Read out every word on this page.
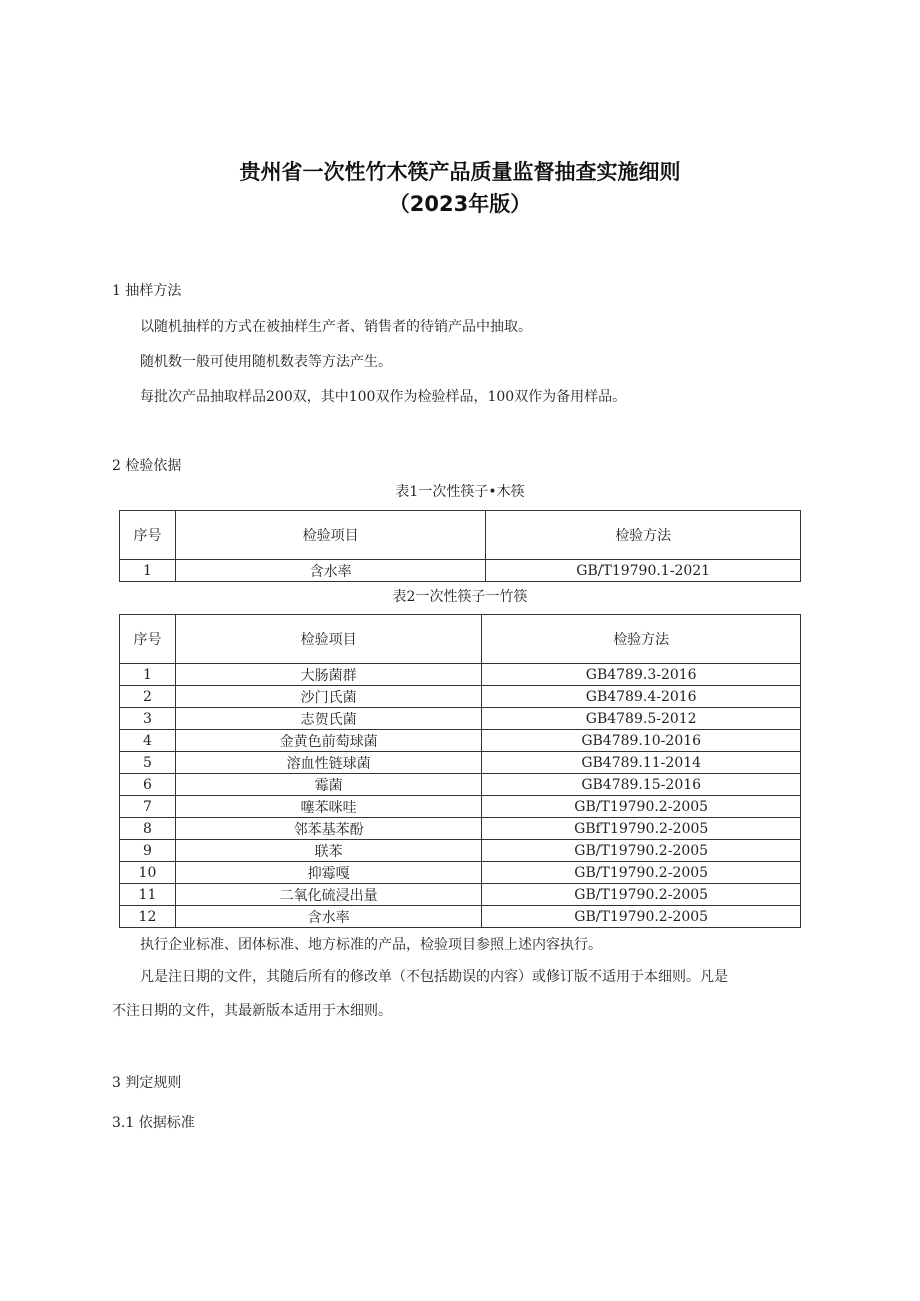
贵州省一次性竹木筷产品质量监督抽查实施细则
（2023年版）
1 抽样方法
以随机抽样的方式在被抽样生产者、销售者的待销产品中抽取。
随机数一般可使用随机数表等方法产生。
每批次产品抽取样品200双，其中100双作为检验样品，100双作为备用样品。
2 检验依据
表1一次性筷子•木筷
序号	检验项目	检验方法
1	含水率	GB/T19790.1-2021
表2一次性筷子一竹筷
序号	检验项目	检验方法
1	大肠菌群	GB4789.3-2016
2	沙门氏菌	GB4789.4-2016
3	志贺氏菌	GB4789.5-2012
4	金黄色前萄球菌	GB4789.10-2016
5	溶血性链球菌	GB4789.11-2014
6	霉菌	GB4789.15-2016
7	噻苯咪哇	GB/T19790.2-2005
8	邻苯基苯酚	GBfT19790.2-2005
9	联苯	GB/T19790.2-2005
10	抑霉嘎	GB/T19790.2-2005
11	二氧化硫浸出量	GB/T19790.2-2005
12	含水率	GB/T19790.2-2005
执行企业标准、团体标准、地方标准的产品，检验项目参照上述内容执行。
凡是注日期的文件，其随后所有的修改单（不包括勘误的内容）或修订版不适用于本细则。凡是
不注日期的文件，其最新版本适用于木细则。
3 判定规则
3.1 依据标准
